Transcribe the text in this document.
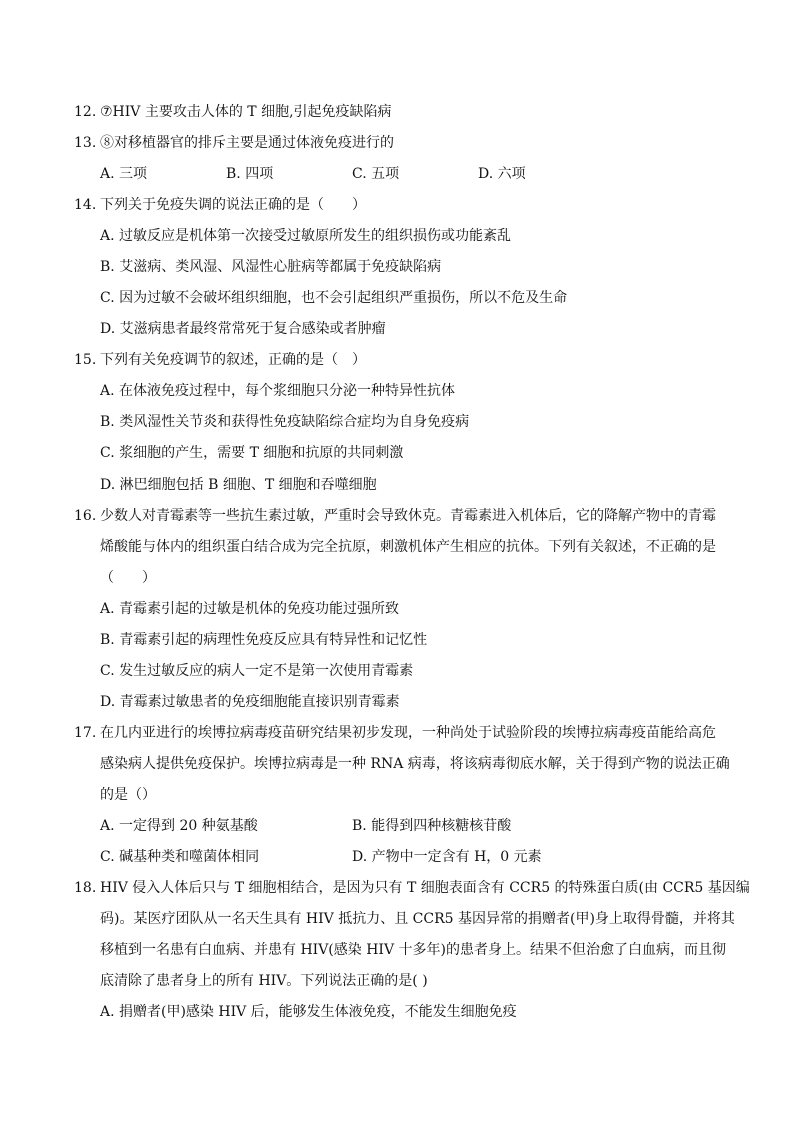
12. ⑦HIV 主要攻击人体的 T 细胞,引起免疫缺陷病
13. ⑧对移植器官的排斥主要是通过体液免疫进行的
A. 三项	B. 四项	C. 五项	D. 六项
14. 下列关于免疫失调的说法正确的是（　　）
A. 过敏反应是机体第一次接受过敏原所发生的组织损伤或功能紊乱
B. 艾滋病、类风湿、风湿性心脏病等都属于免疫缺陷病
C. 因为过敏不会破坏组织细胞，也不会引起组织严重损伤，所以不危及生命
D. 艾滋病患者最终常常死于复合感染或者肿瘤
15. 下列有关免疫调节的叙述，正确的是（　）
A. 在体液免疫过程中，每个浆细胞只分泌一种特异性抗体
B. 类风湿性关节炎和获得性免疫缺陷综合症均为自身免疫病
C. 浆细胞的产生，需要 T 细胞和抗原的共同刺激
D. 淋巴细胞包括 B 细胞、T 细胞和吞噬细胞
16. 少数人对青霉素等一些抗生素过敏，严重时会导致休克。青霉素进入机体后，它的降解产物中的青霉
烯酸能与体内的组织蛋白结合成为完全抗原，刺激机体产生相应的抗体。下列有关叙述，不正确的是
（　　）
A. 青霉素引起的过敏是机体的免疫功能过强所致
B. 青霉素引起的病理性免疫反应具有特异性和记忆性
C. 发生过敏反应的病人一定不是第一次使用青霉素
D. 青霉素过敏患者的免疫细胞能直接识别青霉素
17. 在几内亚进行的埃博拉病毒疫苗研究结果初步发现，一种尚处于试验阶段的埃博拉病毒疫苗能给高危
感染病人提供免疫保护。埃博拉病毒是一种 RNA 病毒，将该病毒彻底水解，关于得到产物的说法正确
的是（）
A. 一定得到 20 种氨基酸	B. 能得到四种核糖核苷酸
C. 碱基种类和噬菌体相同	D. 产物中一定含有 H，0 元素
18. HIV 侵入人体后只与 T 细胞相结合，是因为只有 T 细胞表面含有 CCR5 的特殊蛋白质(由 CCR5 基因编
码)。某医疗团队从一名天生具有 HIV 抵抗力、且 CCR5 基因异常的捐赠者(甲)身上取得骨髓，并将其
移植到一名患有白血病、并患有 HIV(感染 HIV 十多年)的患者身上。结果不但治愈了白血病，而且彻
底清除了患者身上的所有 HIV。下列说法正确的是( )
A. 捐赠者(甲)感染 HIV 后，能够发生体液免疫，不能发生细胞免疫
